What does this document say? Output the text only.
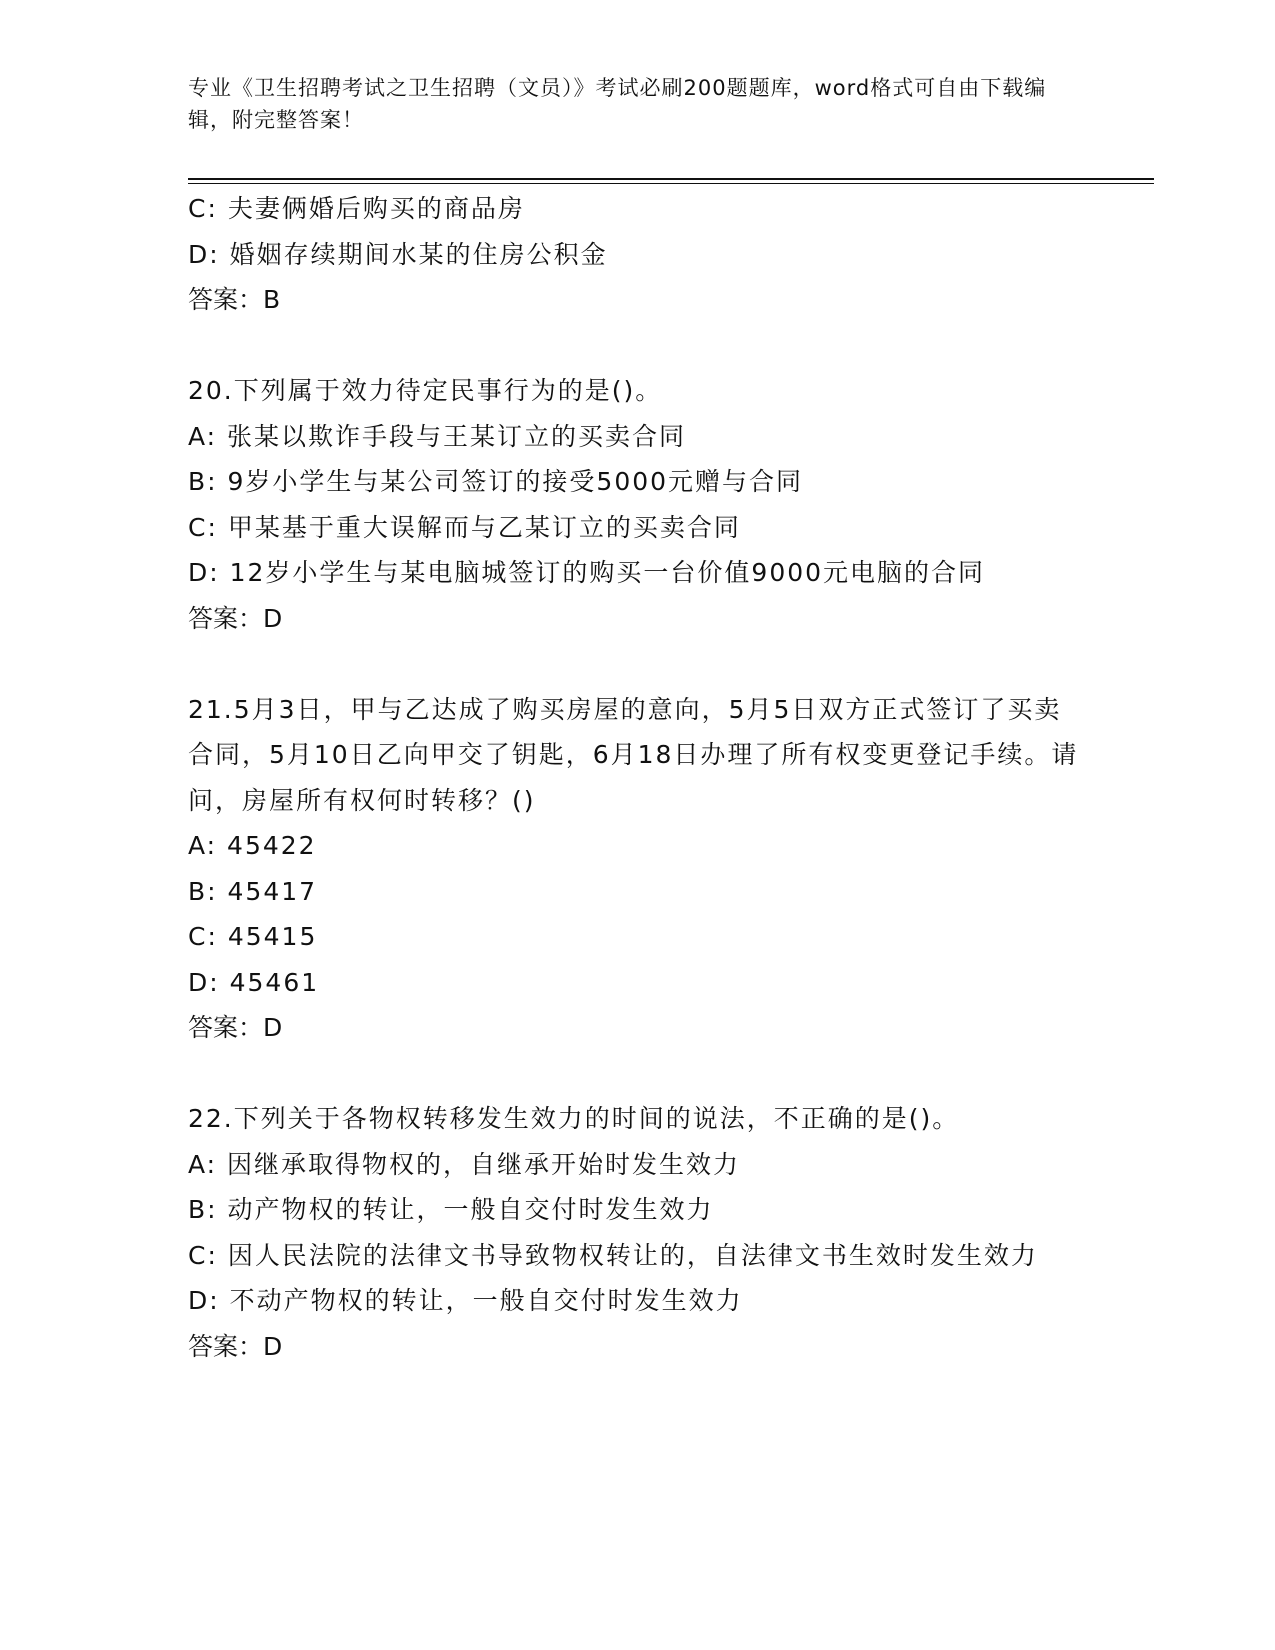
专业《卫生招聘考试之卫生招聘（文员）》考试必刷200题题库，word格式可自由下载编辑，附完整答案！
C: 夫妻俩婚后购买的商品房
D: 婚姻存续期间水某的住房公积金
答案：B
20.下列属于效力待定民事行为的是()。
A: 张某以欺诈手段与王某订立的买卖合同
B: 9岁小学生与某公司签订的接受5000元赠与合同
C: 甲某基于重大误解而与乙某订立的买卖合同
D: 12岁小学生与某电脑城签订的购买一台价值9000元电脑的合同
答案：D
21.5月3日，甲与乙达成了购买房屋的意向，5月5日双方正式签订了买卖合同，5月10日乙向甲交了钥匙，6月18日办理了所有权变更登记手续。请问，房屋所有权何时转移？()
A: 45422
B: 45417
C: 45415
D: 45461
答案：D
22.下列关于各物权转移发生效力的时间的说法，不正确的是()。
A: 因继承取得物权的，自继承开始时发生效力
B: 动产物权的转让，一般自交付时发生效力
C: 因人民法院的法律文书导致物权转让的，自法律文书生效时发生效力
D: 不动产物权的转让，一般自交付时发生效力
答案：D
